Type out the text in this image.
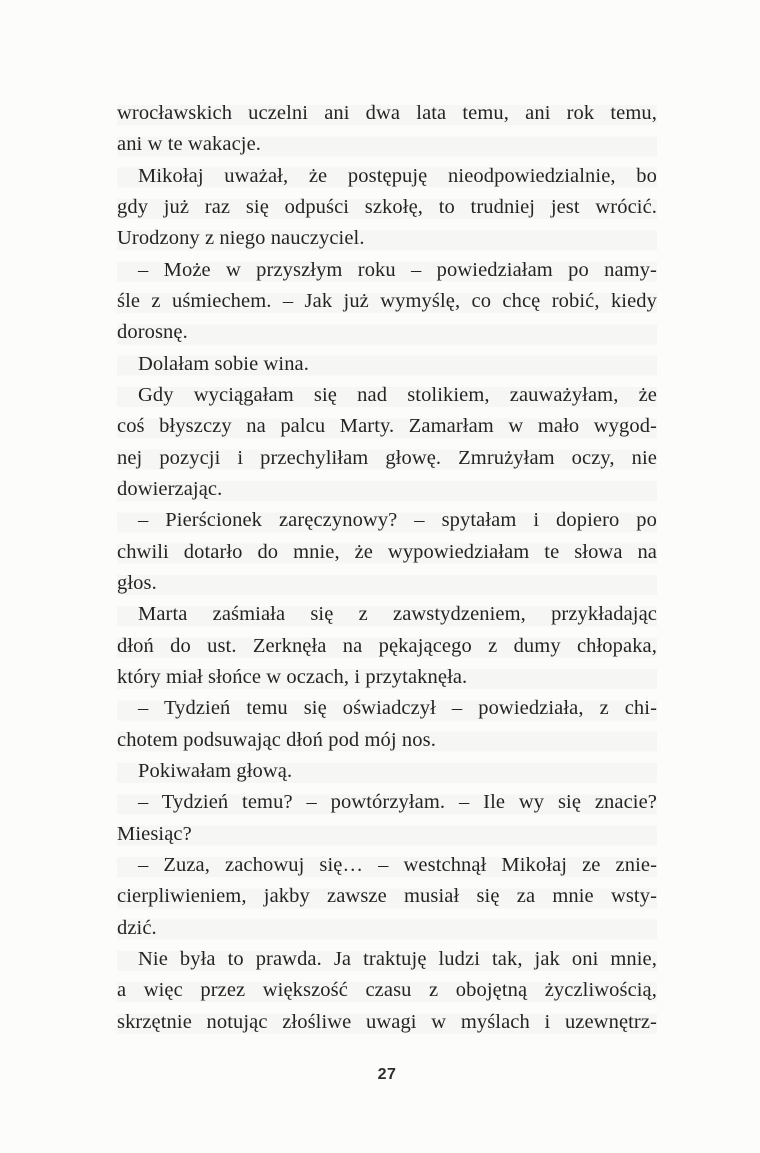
wrocławskich uczelni ani dwa lata temu, ani rok temu,
ani w te wakacje.
Mikołaj uważał, że postępuję nieodpowiedzialnie, bo
gdy już raz się odpuści szkołę, to trudniej jest wrócić.
Urodzony z niego nauczyciel.
– Może w przyszłym roku – powiedziałam po namy-
śle z uśmiechem. – Jak już wymyślę, co chcę robić, kiedy
dorosnę.
Dolałam sobie wina.
Gdy wyciągałam się nad stolikiem, zauważyłam, że
coś błyszczy na palcu Marty. Zamarłam w mało wygod-
nej pozycji i przechyliłam głowę. Zmrużyłam oczy, nie
dowierzając.
– Pierścionek zaręczynowy? – spytałam i dopiero po
chwili dotarło do mnie, że wypowiedziałam te słowa na
głos.
Marta zaśmiała się z zawstydzeniem, przykładając
dłoń do ust. Zerknęła na pękającego z dumy chłopaka,
który miał słońce w oczach, i przytaknęła.
– Tydzień temu się oświadczył – powiedziała, z chi-
chotem podsuwając dłoń pod mój nos.
Pokiwałam głową.
– Tydzień temu? – powtórzyłam. – Ile wy się znacie?
Miesiąc?
– Zuza, zachowuj się… – westchnął Mikołaj ze znie-
cierpliwieniem, jakby zawsze musiał się za mnie wsty-
dzić.
Nie była to prawda. Ja traktuję ludzi tak, jak oni mnie,
a więc przez większość czasu z obojętną życzliwością,
skrzętnie notując złośliwe uwagi w myślach i uzewnętrz-
27
